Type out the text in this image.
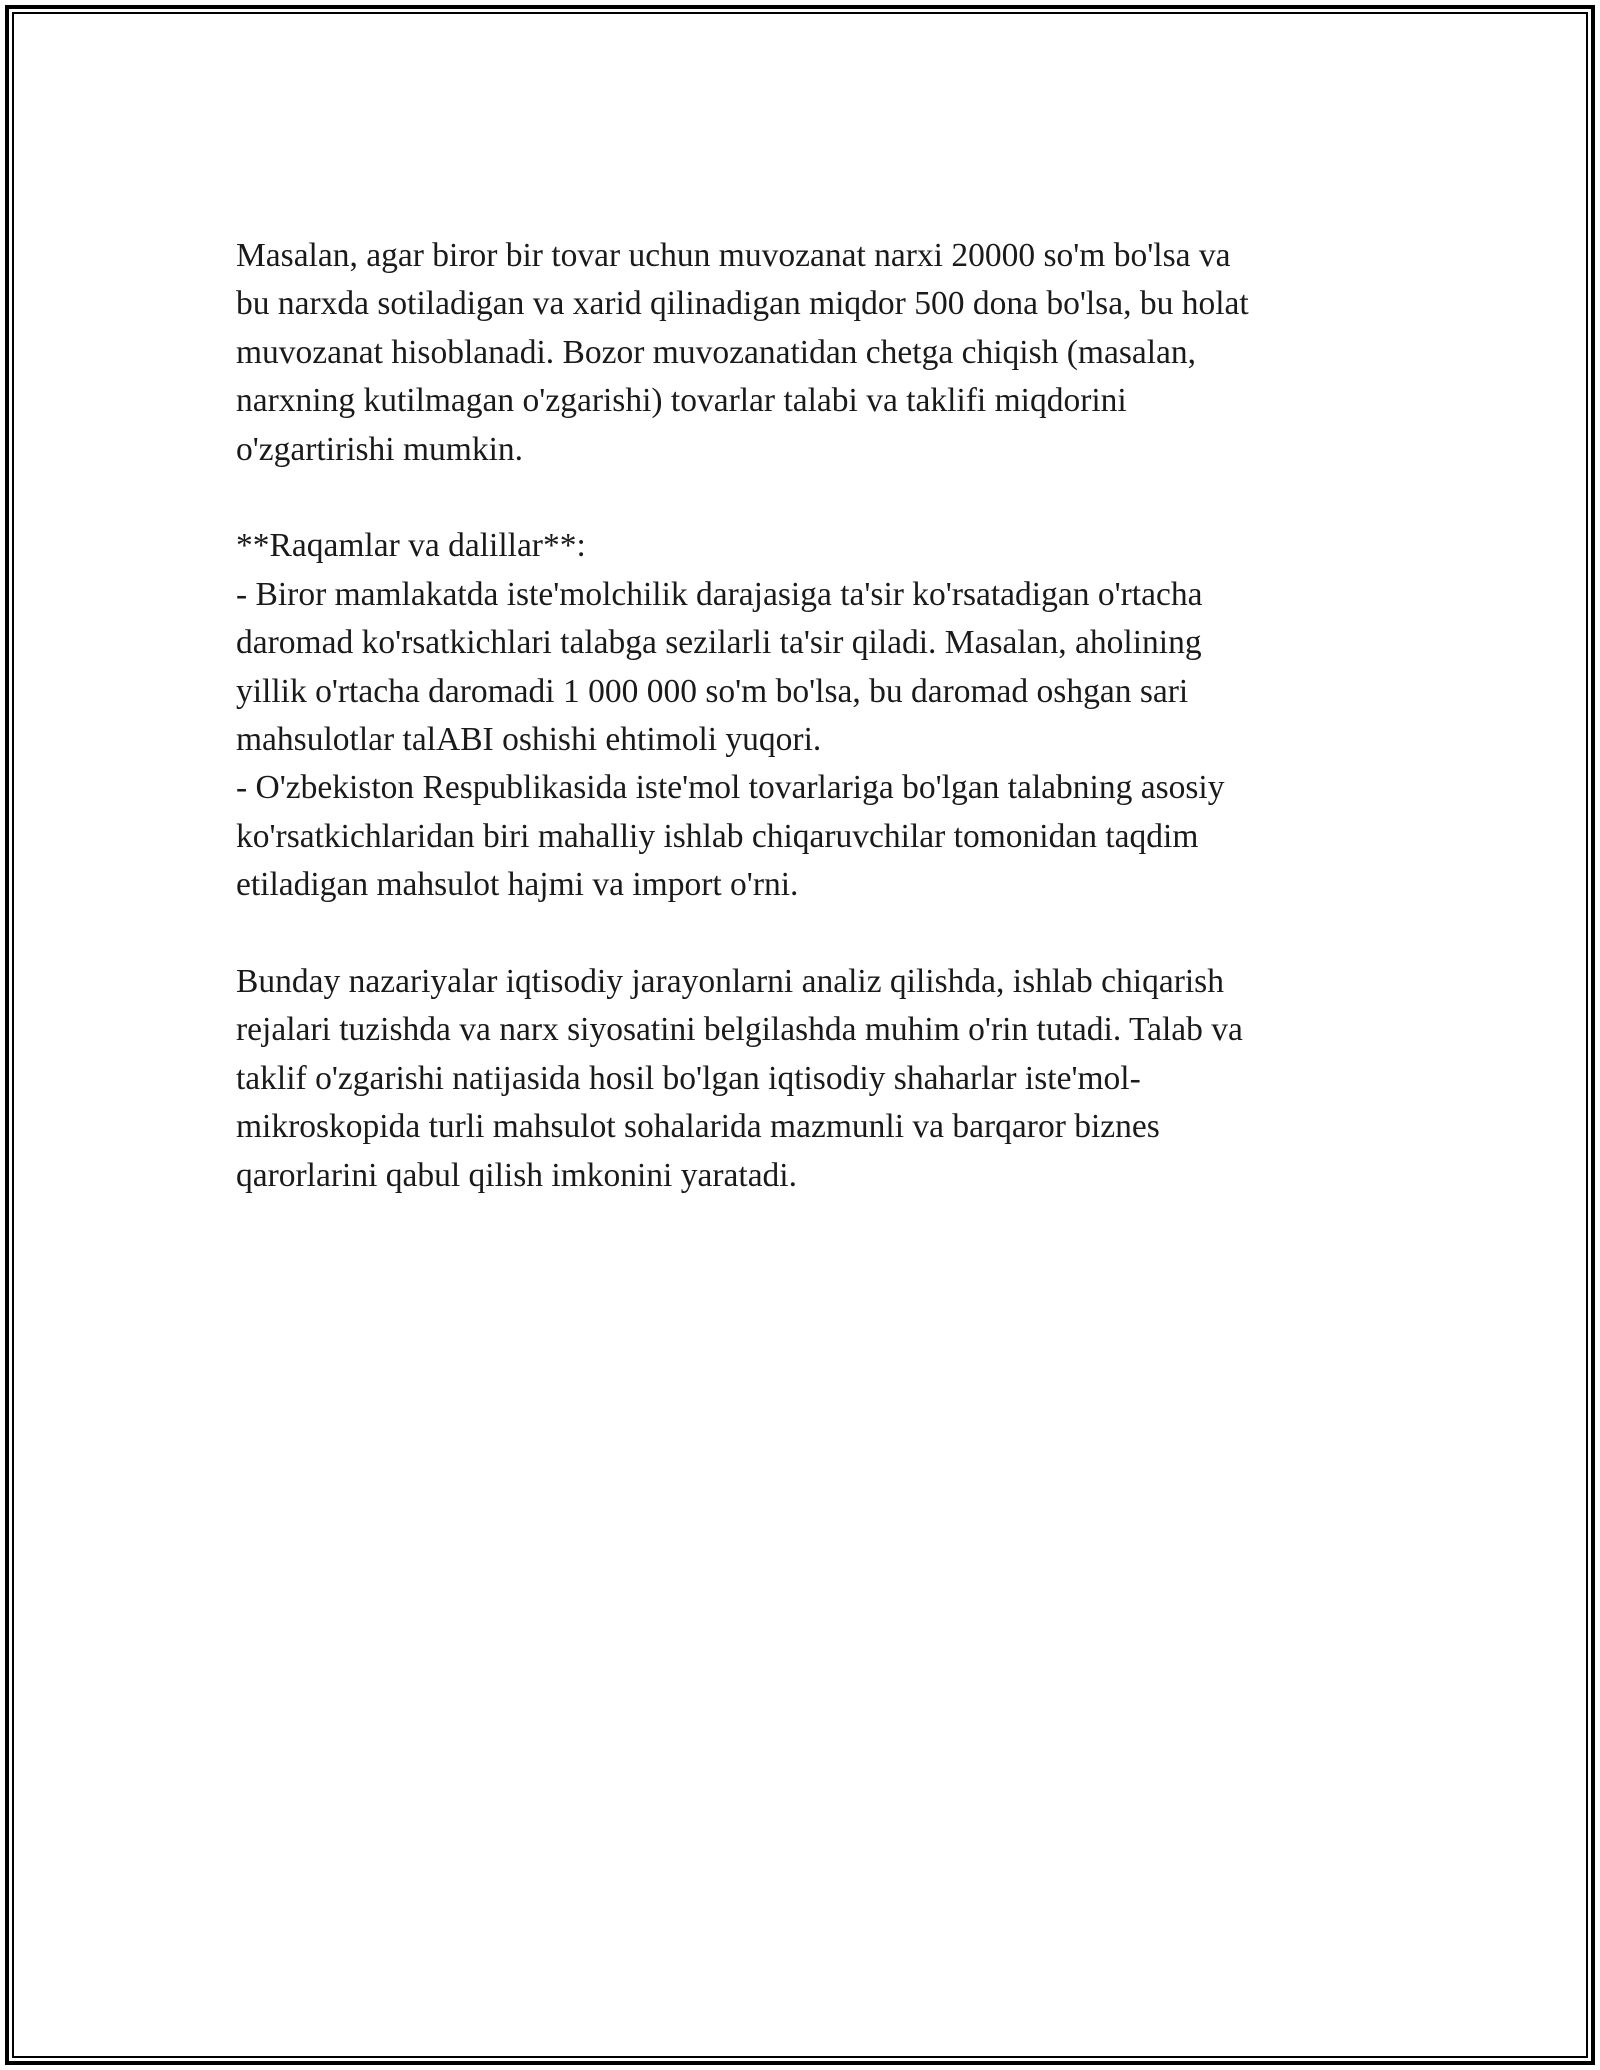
Masalan, agar biror bir tovar uchun muvozanat narxi 20000 so'm bo'lsa va
bu narxda sotiladigan va xarid qilinadigan miqdor 500 dona bo'lsa, bu holat
muvozanat hisoblanadi. Bozor muvozanatidan chetga chiqish (masalan,
narxning kutilmagan o'zgarishi) tovarlar talabi va taklifi miqdorini
o'zgartirishi mumkin.
**Raqamlar va dalillar**:
- Biror mamlakatda iste'molchilik darajasiga ta'sir ko'rsatadigan o'rtacha
daromad ko'rsatkichlari talabga sezilarli ta'sir qiladi. Masalan, aholining
yillik o'rtacha daromadi 1 000 000 so'm bo'lsa, bu daromad oshgan sari
mahsulotlar talABI oshishi ehtimoli yuqori.
- O'zbekiston Respublikasida iste'mol tovarlariga bo'lgan talabning asosiy
ko'rsatkichlaridan biri mahalliy ishlab chiqaruvchilar tomonidan taqdim
etiladigan mahsulot hajmi va import o'rni.
Bunday nazariyalar iqtisodiy jarayonlarni analiz qilishda, ishlab chiqarish
rejalari tuzishda va narx siyosatini belgilashda muhim o'rin tutadi. Talab va
taklif o'zgarishi natijasida hosil bo'lgan iqtisodiy shaharlar iste'mol-
mikroskopida turli mahsulot sohalarida mazmunli va barqaror biznes
qarorlarini qabul qilish imkonini yaratadi.
